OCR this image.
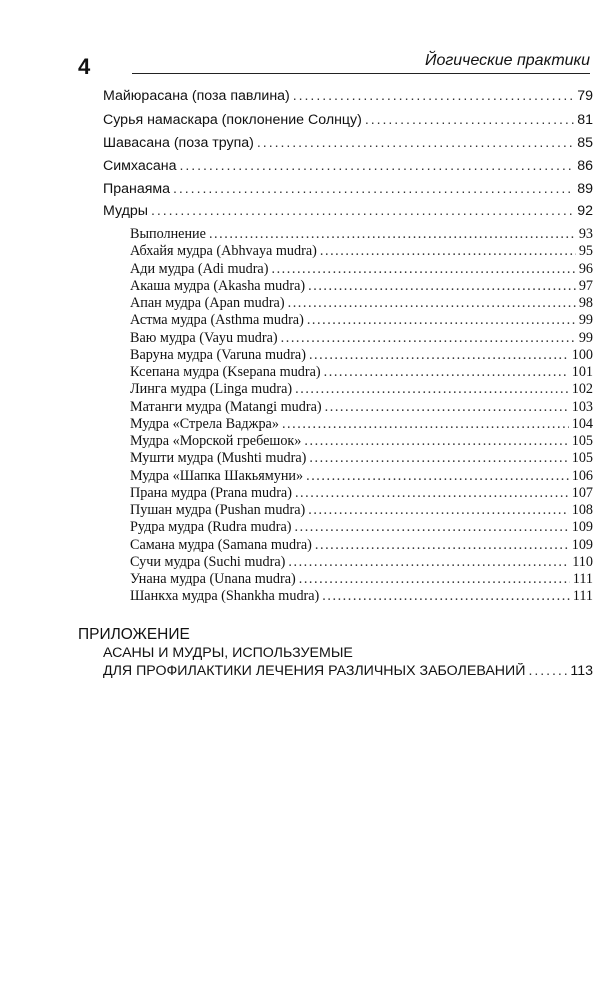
4	Йогические практики
Майюрасана (поза павлина) . . .	79
Сурья намаскара (поклонение Солнцу) . . .	81
Шавасана (поза трупа) . . .	85
Симхасана . . .	86
Пранаяма . . .	89
Мудры . . .	92
Выполнение . . .	93
Абхайя мудра (Abhvaya mudra) . . .	95
Ади мудра (Adi mudra) . . .	96
Акаша мудра (Akasha mudra) . . .	97
Апан мудра (Apan mudra) . . .	98
Астма мудра (Asthma mudra) . . .	99
Ваю мудра (Vayu mudra) . . .	99
Варуна мудра (Varuna mudra) . . .	100
Ксепана мудра (Ksepana mudra) . . .	101
Линга мудра (Linga mudra) . . .	102
Матанги мудра (Matangi mudra) . . .	103
Мудра «Стрела Ваджра» . . .	104
Мудра «Морской гребешок» . . .	105
Мушти мудра (Mushti mudra) . . .	105
Мудра «Шапка Шакьямуни» . . .	106
Прана мудра (Prana mudra) . . .	107
Пушан мудра (Pushan mudra) . . .	108
Рудра мудра (Rudra mudra) . . .	109
Самана мудра (Samana mudra) . . .	109
Сучи мудра (Suchi mudra) . . .	110
Унана мудра (Unana mudra) . . .	111
Шанкха мудра (Shankha mudra) . . .	111
ПРИЛОЖЕНИЕ
АСАНЫ И МУДРЫ, ИСПОЛЬЗУЕМЫЕ
ДЛЯ ПРОФИЛАКТИКИ ЛЕЧЕНИЯ РАЗЛИЧНЫХ ЗАБОЛЕВАНИЙ . . .	113
